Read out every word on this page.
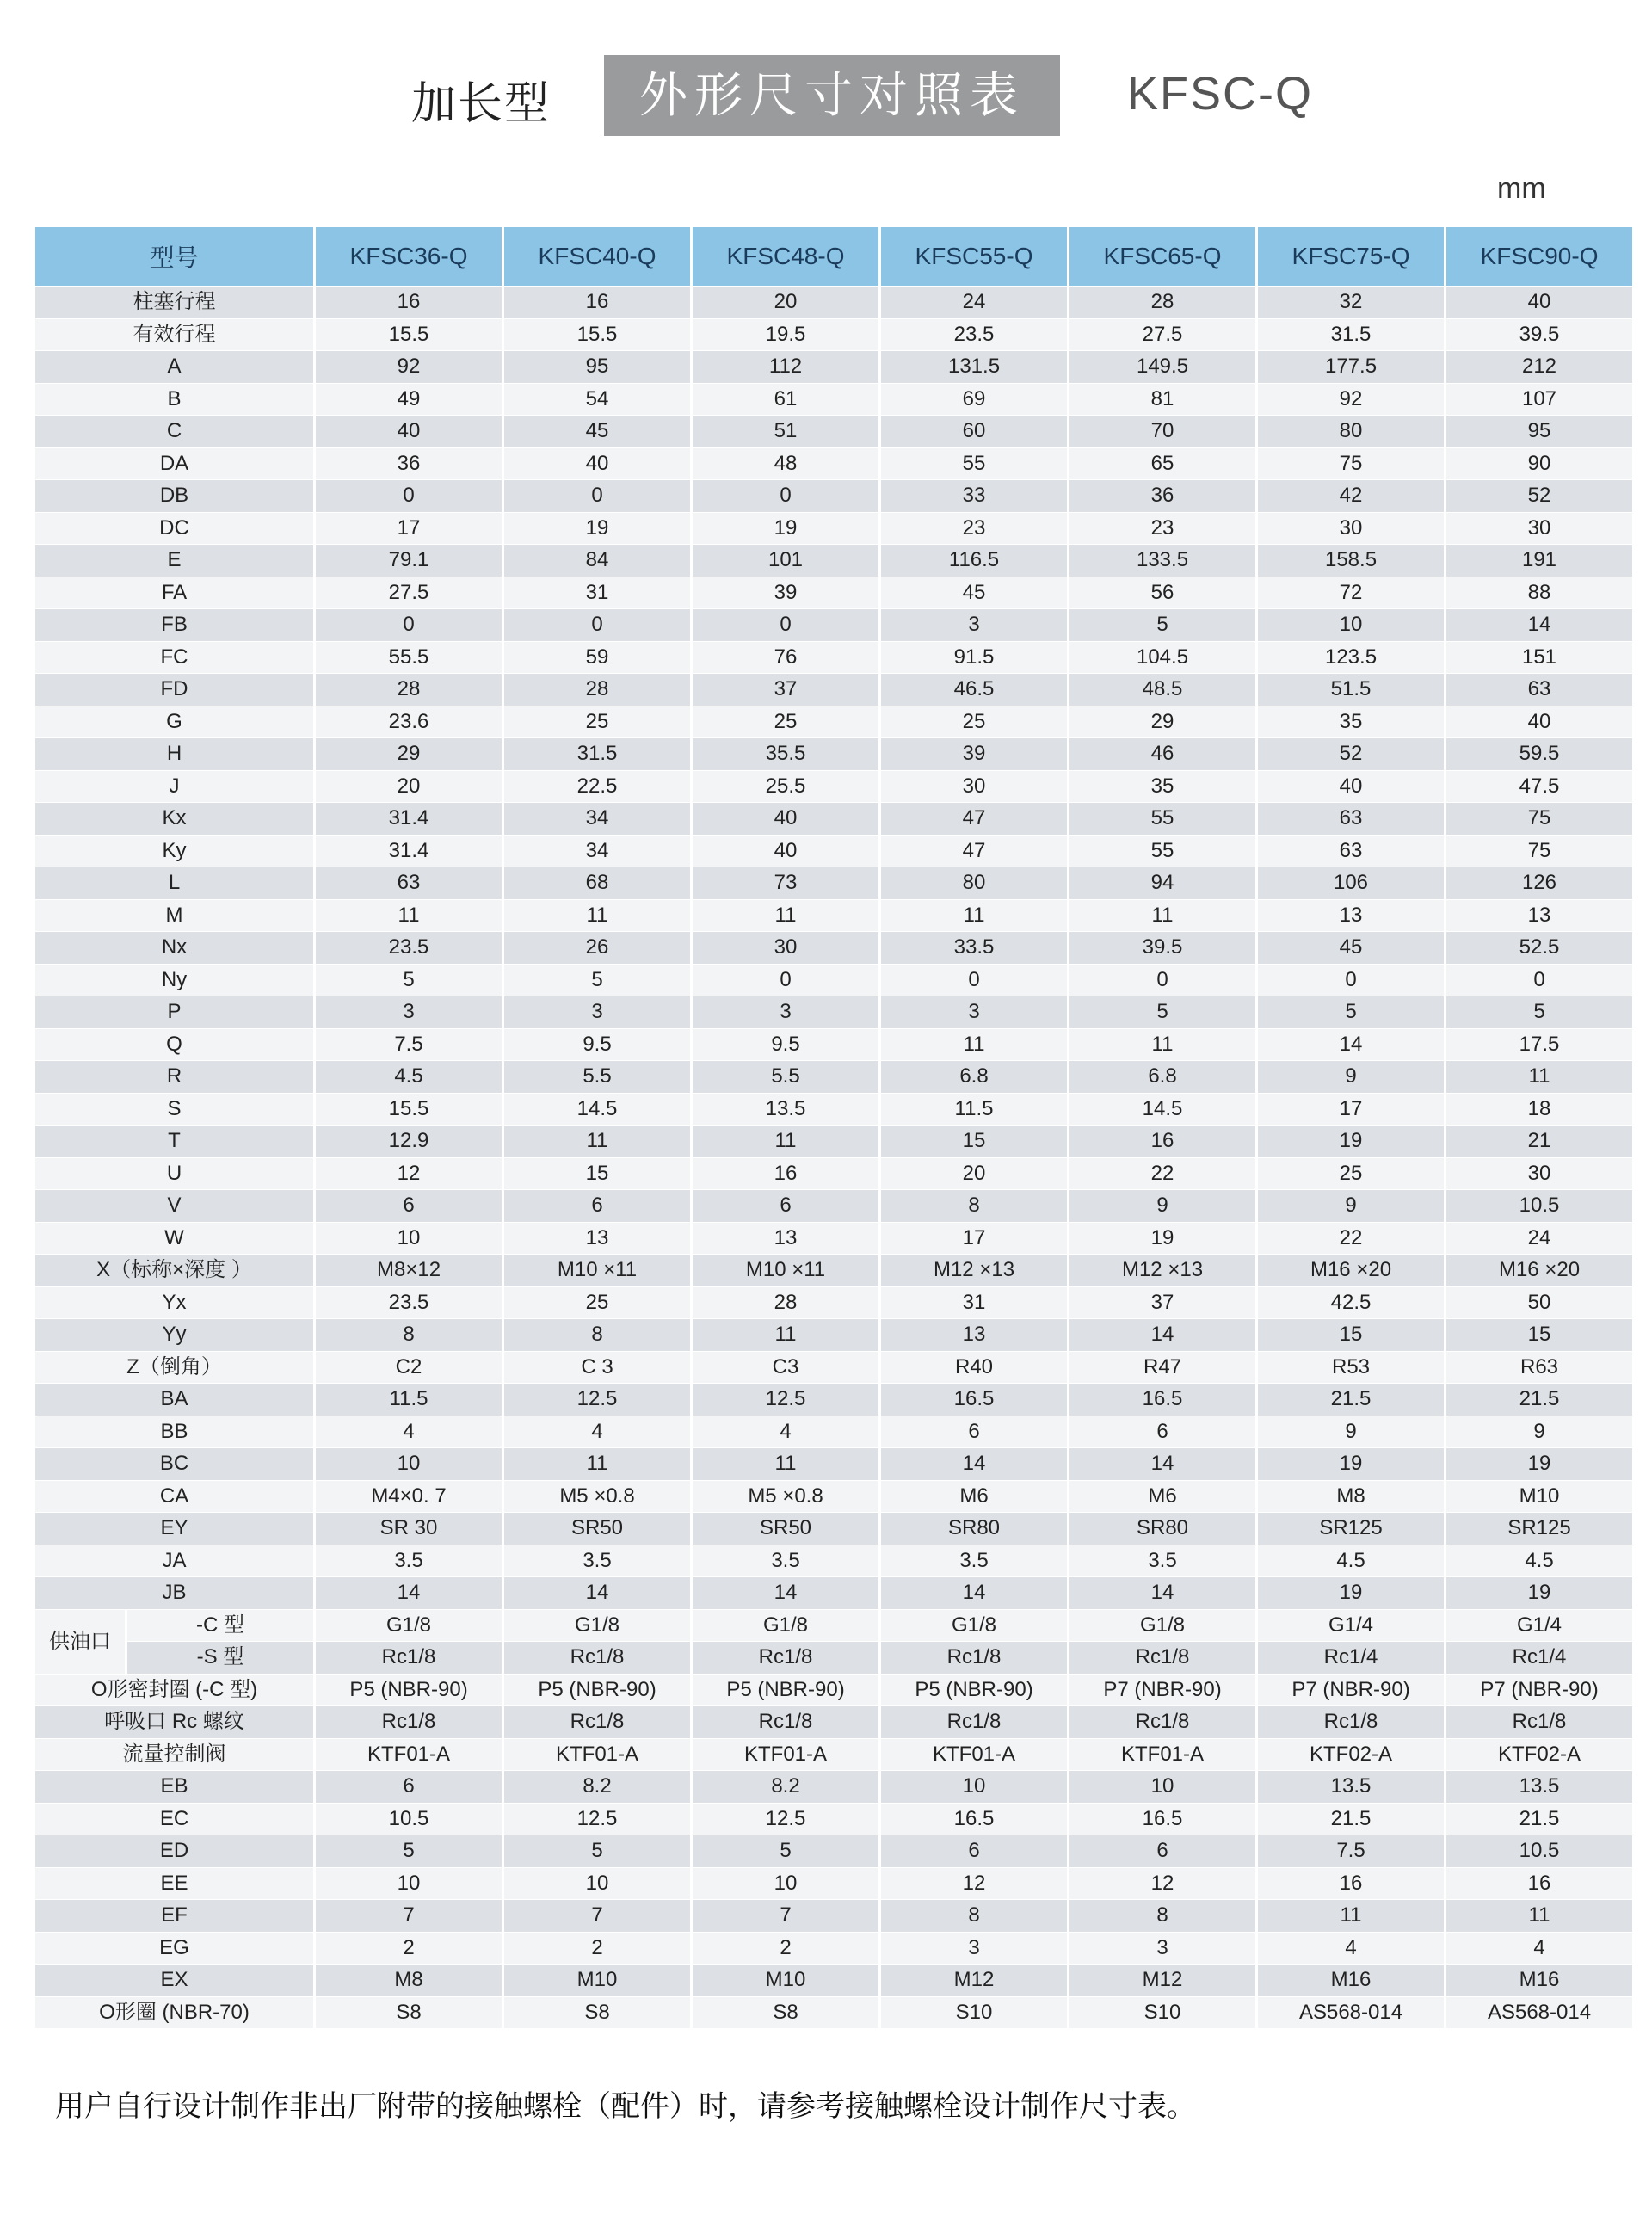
加长型	外形尺寸对照表	KFSC-Q
mm
型号		KFSC36-Q	KFSC40-Q	KFSC48-Q	KFSC55-Q	KFSC65-Q	KFSC75-Q	KFSC90-Q
柱塞行程		16	16	20	24	28	32	40
有效行程		15.5	15.5	19.5	23.5	27.5	31.5	39.5
A		92	95	112	131.5	149.5	177.5	212
B		49	54	61	69	81	92	107
C		40	45	51	60	70	80	95
DA		36	40	48	55	65	75	90
DB		0	0	0	33	36	42	52
DC		17	19	19	23	23	30	30
E		79.1	84	101	116.5	133.5	158.5	191
FA		27.5	31	39	45	56	72	88
FB		0	0	0	3	5	10	14
FC		55.5	59	76	91.5	104.5	123.5	151
FD		28	28	37	46.5	48.5	51.5	63
G		23.6	25	25	25	29	35	40
H		29	31.5	35.5	39	46	52	59.5
J		20	22.5	25.5	30	35	40	47.5
Kx		31.4	34	40	47	55	63	75
Ky		31.4	34	40	47	55	63	75
L		63	68	73	80	94	106	126
M		11	11	11	11	11	13	13
Nx		23.5	26	30	33.5	39.5	45	52.5
Ny		5	5	0	0	0	0	0
P		3	3	3	3	5	5	5
Q		7.5	9.5	9.5	11	11	14	17.5
R		4.5	5.5	5.5	6.8	6.8	9	11
S		15.5	14.5	13.5	11.5	14.5	17	18
T		12.9	11	11	15	16	19	21
U		12	15	16	20	22	25	30
V		6	6	6	8	9	9	10.5
W		10	13	13	17	19	22	24
X（标称×深度 ）		M8×12	M10 ×11	M10 ×11	M12 ×13	M12 ×13	M16 ×20	M16 ×20
Yx		23.5	25	28	31	37	42.5	50
Yy		8	8	11	13	14	15	15
Z（倒角）		C2	C 3	C3	R40	R47	R53	R63
BA		11.5	12.5	12.5	16.5	16.5	21.5	21.5
BB		4	4	4	6	6	9	9
BC		10	11	11	14	14	19	19
CA		M4×0. 7	M5 ×0.8	M5 ×0.8	M6	M6	M8	M10
EY		SR 30	SR50	SR50	SR80	SR80	SR125	SR125
JA		3.5	3.5	3.5	3.5	3.5	4.5	4.5
JB		14	14	14	14	14	19	19
供油口	-C 型	G1/8	G1/8	G1/8	G1/8	G1/8	G1/4	G1/4
	-S 型	Rc1/8	Rc1/8	Rc1/8	Rc1/8	Rc1/8	Rc1/4	Rc1/4
O形密封圈 (-C 型)		P5 (NBR-90)	P5 (NBR-90)	P5 (NBR-90)	P5 (NBR-90)	P7 (NBR-90)	P7 (NBR-90)	P7 (NBR-90)
呼吸口 Rc 螺纹		Rc1/8	Rc1/8	Rc1/8	Rc1/8	Rc1/8	Rc1/8	Rc1/8
流量控制阀		KTF01-A	KTF01-A	KTF01-A	KTF01-A	KTF01-A	KTF02-A	KTF02-A
EB		6	8.2	8.2	10	10	13.5	13.5
EC		10.5	12.5	12.5	16.5	16.5	21.5	21.5
ED		5	5	5	6	6	7.5	10.5
EE		10	10	10	12	12	16	16
EF		7	7	7	8	8	11	11
EG		2	2	2	3	3	4	4
EX		M8	M10	M10	M12	M12	M16	M16
O形圈 (NBR-70)		S8	S8	S8	S10	S10	AS568-014	AS568-014
用户自行设计制作非出厂附带的接触螺栓（配件）时，请参考接触螺栓设计制作尺寸表。
